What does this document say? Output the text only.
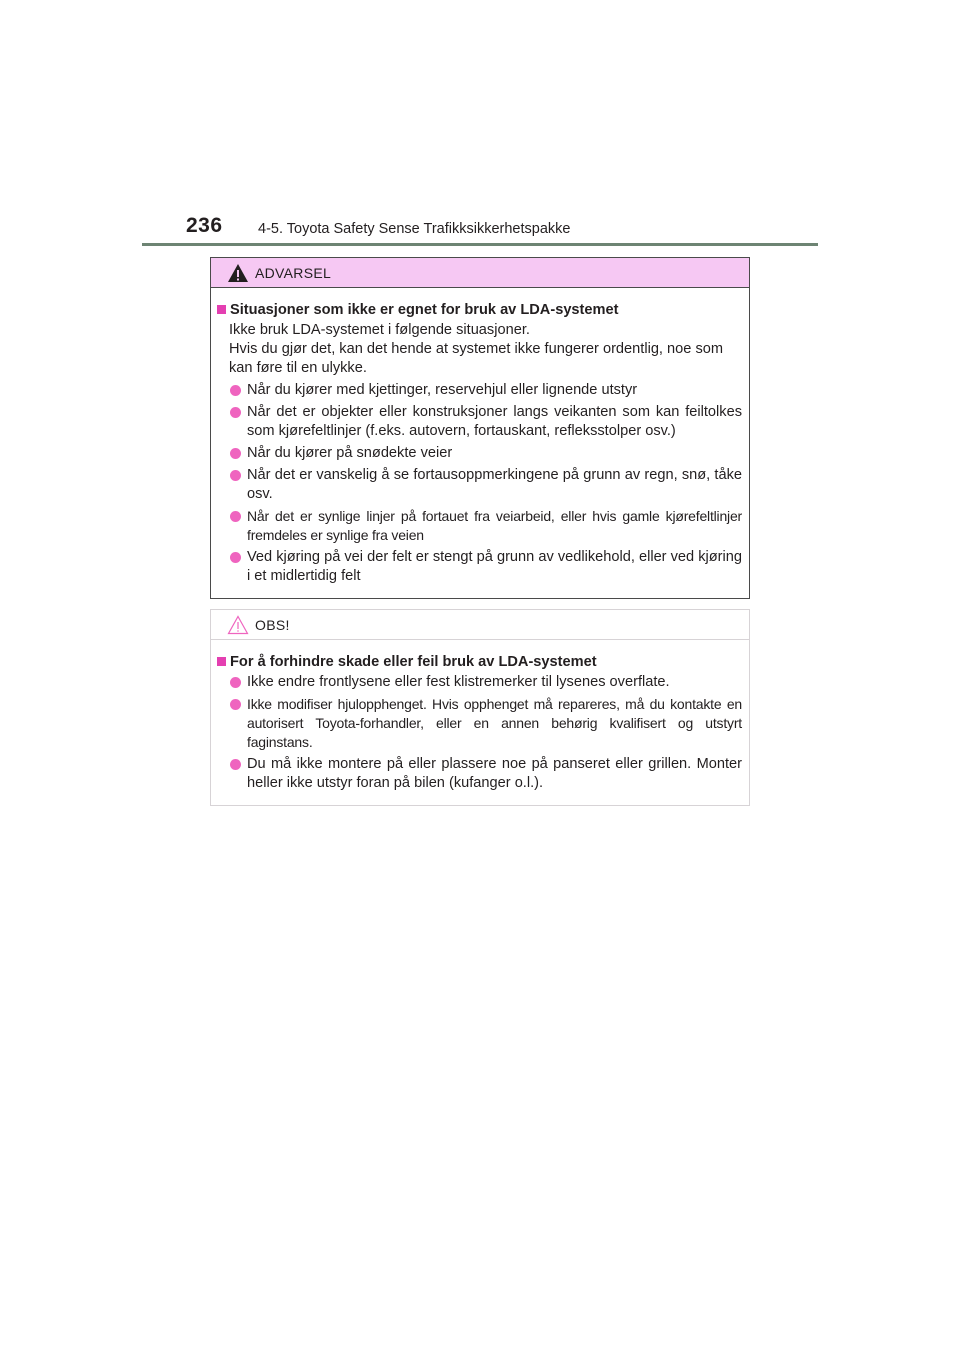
236 4-5. Toyota Safety Sense Trafikksikkerhetspakke
ADVARSEL
Situasjoner som ikke er egnet for bruk av LDA-systemet

Ikke bruk LDA-systemet i følgende situasjoner.

Hvis du gjør det, kan det hende at systemet ikke fungerer ordentlig, noe som kan føre til en ulykke.

Når du kjører med kjettinger, reservehjul eller lignende utstyr
Når det er objekter eller konstruksjoner langs veikanten som kan feiltolkes som kjørefeltlinjer (f.eks. autovern, fortauskant, refleksstolper osv.)
Når du kjører på snødekte veier
Når det er vanskelig å se fortausoppmerkingene på grunn av regn, snø, tåke osv.
Når det er synlige linjer på fortauet fra veiarbeid, eller hvis gamle kjørefeltlinjer fremdeles er synlige fra veien
Ved kjøring på vei der felt er stengt på grunn av vedlikehold, eller ved kjøring i et midlertidig felt
OBS!
For å forhindre skade eller feil bruk av LDA-systemet
Ikke endre frontlysene eller fest klistremerker til lysenes overflate.
Ikke modifiser hjulopphenget. Hvis opphenget må repareres, må du kontakte en autorisert Toyota-forhandler, eller en annen behørig kvalifisert og utstyrt faginstans.
Du må ikke montere på eller plassere noe på panseret eller grillen. Monter heller ikke utstyr foran på bilen (kufanger o.l.).
